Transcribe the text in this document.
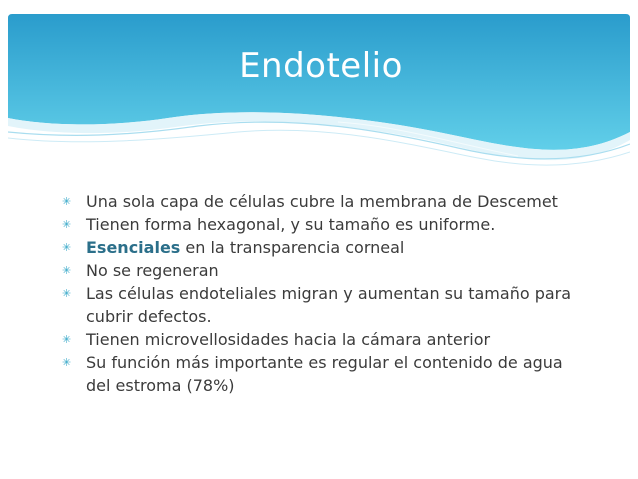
Endotelio
✳ Una sola capa de células cubre la membrana de Descemet
✳ Tienen forma hexagonal, y su tamaño es uniforme.
✳ Esenciales en la transparencia corneal
✳ No se regeneran
✳ Las células endoteliales migran y aumentan su tamaño para cubrir defectos.
✳ Tienen microvellosidades hacia la cámara anterior
✳ Su función más importante es regular el contenido de agua del estroma (78%)
